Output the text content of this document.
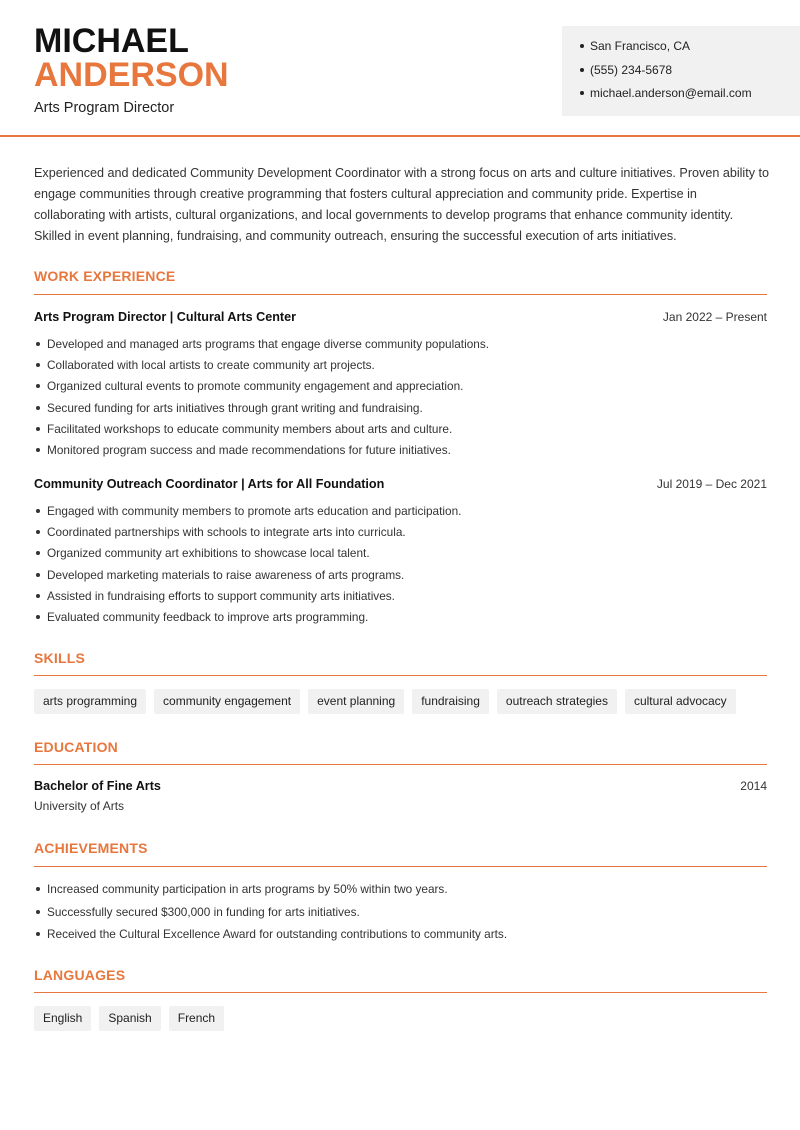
MICHAEL
ANDERSON
Arts Program Director
San Francisco, CA
(555) 234-5678
michael.anderson@email.com

Experienced and dedicated Community Development Coordinator with a strong focus on arts and culture initiatives. Proven ability to engage communities through creative programming that fosters cultural appreciation and community pride. Expertise in collaborating with artists, cultural organizations, and local governments to develop programs that enhance community identity. Skilled in event planning, fundraising, and community outreach, ensuring the successful execution of arts initiatives.

WORK EXPERIENCE
Arts Program Director | Cultural Arts Center	Jan 2022 – Present
Developed and managed arts programs that engage diverse community populations.
Collaborated with local artists to create community art projects.
Organized cultural events to promote community engagement and appreciation.
Secured funding for arts initiatives through grant writing and fundraising.
Facilitated workshops to educate community members about arts and culture.
Monitored program success and made recommendations for future initiatives.
Community Outreach Coordinator | Arts for All Foundation	Jul 2019 – Dec 2021
Engaged with community members to promote arts education and participation.
Coordinated partnerships with schools to integrate arts into curricula.
Organized community art exhibitions to showcase local talent.
Developed marketing materials to raise awareness of arts programs.
Assisted in fundraising efforts to support community arts initiatives.
Evaluated community feedback to improve arts programming.
SKILLS
arts programming	community engagement	event planning	fundraising	outreach strategies	cultural advocacy
EDUCATION
Bachelor of Fine Arts	2014
University of Arts
ACHIEVEMENTS
Increased community participation in arts programs by 50% within two years.
Successfully secured $300,000 in funding for arts initiatives.
Received the Cultural Excellence Award for outstanding contributions to community arts.
LANGUAGES
English	Spanish	French
